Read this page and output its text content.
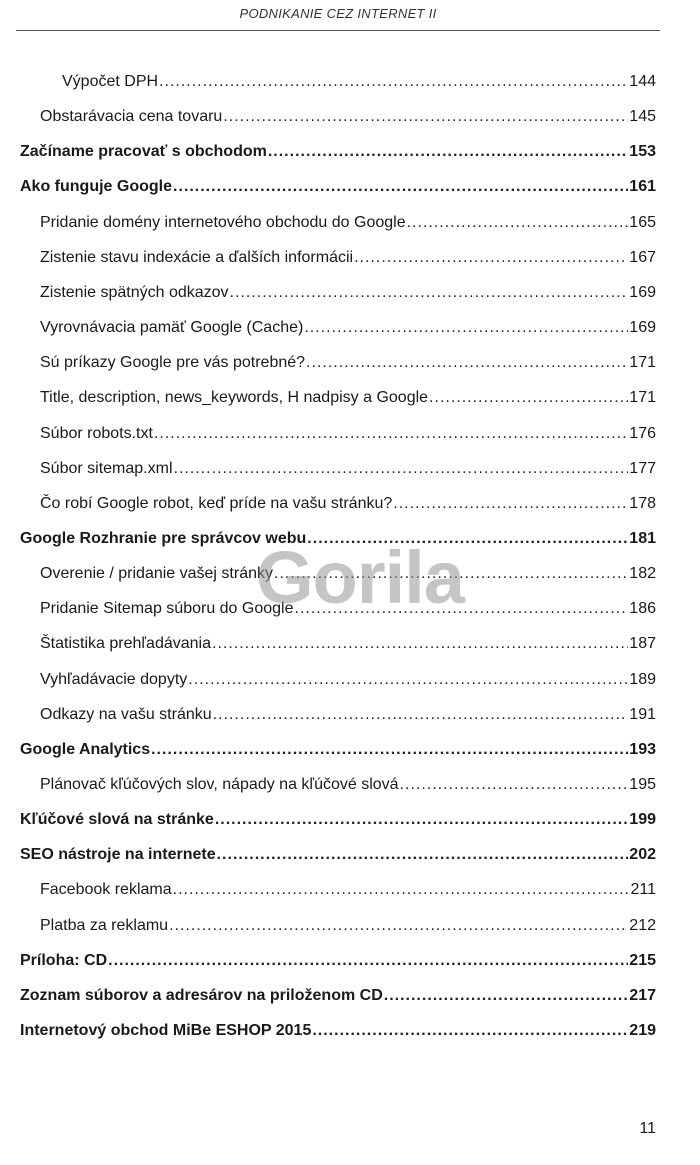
PODNIKANIE CEZ INTERNET II
Výpočet DPH .....	144
Obstarávacia cena tovaru .....	145
Začíname pracovať s obchodom .....	153
Ako funguje Google .....	161
Pridanie domény internetového obchodu do Google .....	165
Zistenie stavu indexácie a ďalších informácii .....	167
Zistenie spätných odkazov .....	169
Vyrovnávacia pamäť Google (Cache) .....	169
Sú príkazy Google pre vás potrebné? .....	171
Title, description, news_keywords, H nadpisy a Google .....	171
Súbor robots.txt .....	176
Súbor sitemap.xml .....	177
Čo robí Google robot, keď príde na vašu stránku? .....	178
Google Rozhranie pre správcov webu .....	181
Overenie / pridanie vašej stránky .....	182
Pridanie Sitemap súboru do Google .....	186
Štatistika prehľadávania .....	187
Vyhľadávacie dopyty .....	189
Odkazy na vašu stránku .....	191
Google Analytics .....	193
Plánovač kľúčových slov, nápady na kľúčové slová .....	195
Kľúčové slová na stránke .....	199
SEO nástroje na internete .....	202
Facebook reklama .....	211
Platba za reklamu .....	212
Príloha: CD .....	215
Zoznam súborov a adresárov na priloženom CD .....	217
Internetový obchod MiBe ESHOP 2015 .....	219
Gorila
11
